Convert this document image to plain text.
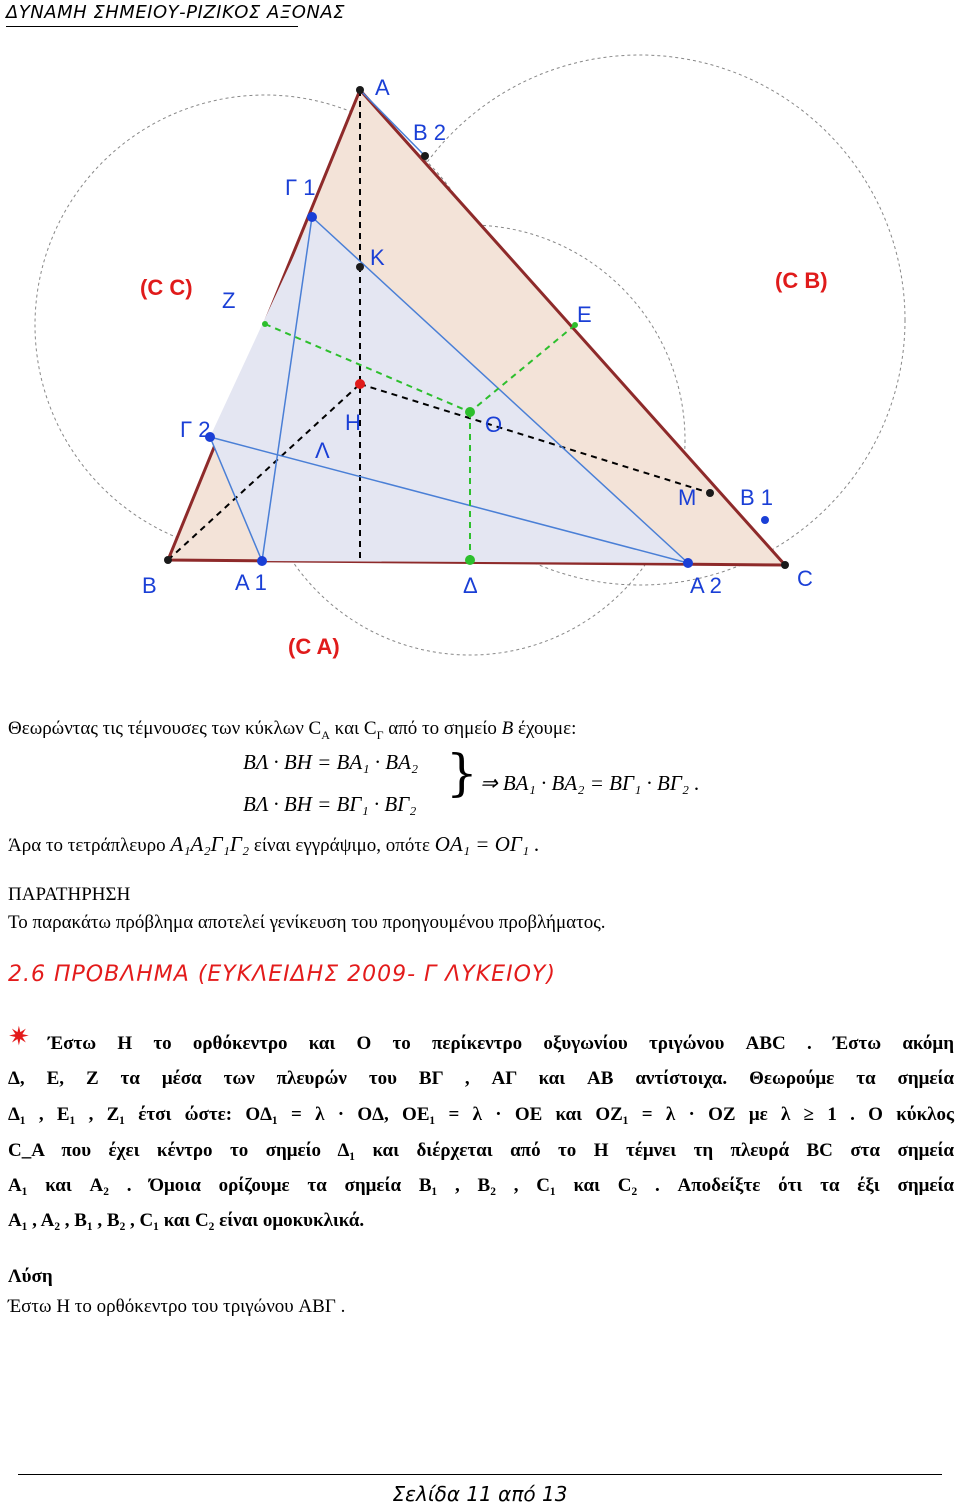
ΔΥΝΑΜΗ ΣΗΜΕΙΟΥ-ΡΙΖΙΚΟΣ ΑΞΟΝΑΣ
A
B 2
Γ 1
K
(C C)
Z
E
(C B)
Γ 2	H	O
Λ
M B 1
B	A 1	Δ	A 2	C
(C A)
Θεωρώντας τις τέμνουσες των κύκλων $C_A$ και $C_\Gamma$ από το σημείο B έχουμε:
BΛ · BH = BA₁ · BA₂
BΛ · BH = BΓ₁ · BΓ₂
} ⇒ BA₁ · BA₂ = BΓ₁ · BΓ₂ .
Άρα το τετράπλευρο A₁A₂Γ₁Γ₂ είναι εγγράψιμο, οπότε OA₁ = OΓ₁ .
ΠΑΡΑΤΗΡΗΣΗ
Το παρακάτω πρόβλημα αποτελεί γενίκευση του προηγουμένου προβλήματος.
2.6 ΠΡΟΒΛΗΜΑ (ΕΥΚΛΕΙΔΗΣ 2009- Γ ΛΥΚΕΙΟΥ)
✷ Έστω H το ορθόκεντρο και O το περίκεντρο οξυγωνίου τριγώνου ABC . Έστω ακόμη
Δ, E, Z τα μέσα των πλευρών του BΓ , AΓ και AB αντίστοιχα. Θεωρούμε τα σημεία
Δ₁ , E₁ , Z₁ έτσι ώστε: OΔ₁ = λ · OΔ, OE₁ = λ · OE και OZ₁ = λ · OZ με λ ≥ 1 . Ο κύκλος
C_A που έχει κέντρο το σημείο Δ₁ και διέρχεται από το H τέμνει τη πλευρά BC στα σημεία
A₁ και A₂ . Όμοια ορίζουμε τα σημεία B₁ , B₂ , C₁ και C₂ . Αποδείξτε ότι τα έξι σημεία
A₁ , A₂ , B₁ , B₂ , C₁ και C₂ είναι ομοκυκλικά.
Λύση
Έστω H το ορθόκεντρο του τριγώνου ABΓ .
Σελίδα 11 από 13
